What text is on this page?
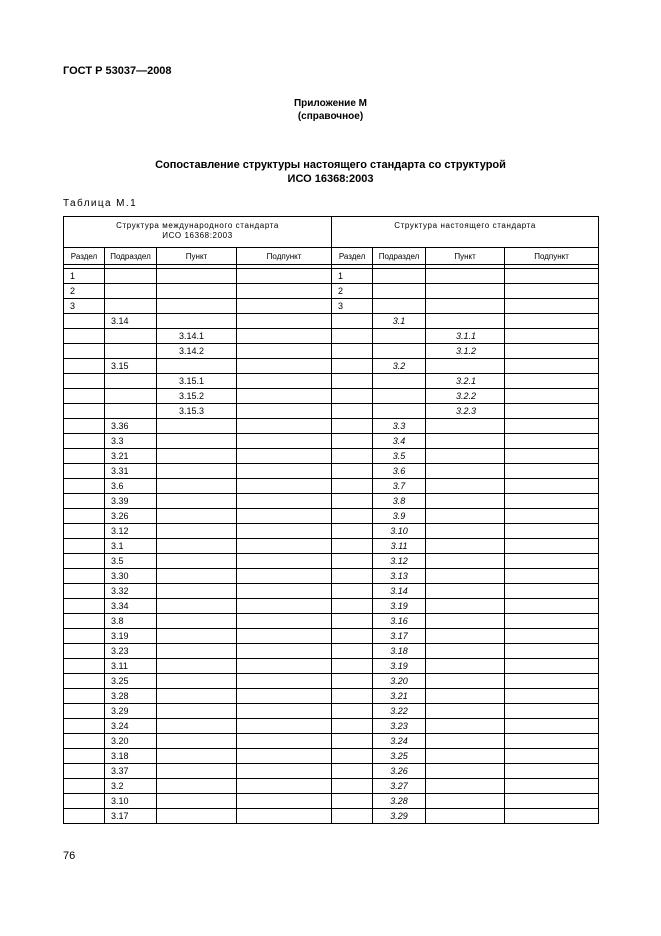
ГОСТ Р 53037—2008
Приложение М
(справочное)
Сопоставление структуры настоящего стандарта со структурой
ИСО 16368:2003
Таблица М.1
Структура международного стандарта
ИСО 16368:2003				Структура настоящего стандарта			
Раздел	Подраздел	Пункт	Подпункт	Раздел	Подраздел	Пункт	Подпункт

1				1			
2				2			
3				3			
	3.14				3.1		
		3.14.1				3.1.1	
		3.14.2				3.1.2	
	3.15				3.2		
		3.15.1				3.2.1	
		3.15.2				3.2.2	
		3.15.3				3.2.3	
	3.36				3.3		
	3.3				3.4		
	3.21				3.5		
	3.31				3.6		
	3.6				3.7		
	3.39				3.8		
	3.26				3.9		
	3.12				3.10		
	3.1				3.11		
	3.5				3.12		
	3.30				3.13		
	3.32				3.14		
	3.34				3.19		
	3.8				3.16		
	3.19				3.17		
	3.23				3.18		
	3.11				3.19		
	3.25				3.20		
	3.28				3.21		
	3.29				3.22		
	3.24				3.23		
	3.20				3.24		
	3.18				3.25		
	3.37				3.26		
	3.2				3.27		
	3.10				3.28		
	3.17				3.29		
76
